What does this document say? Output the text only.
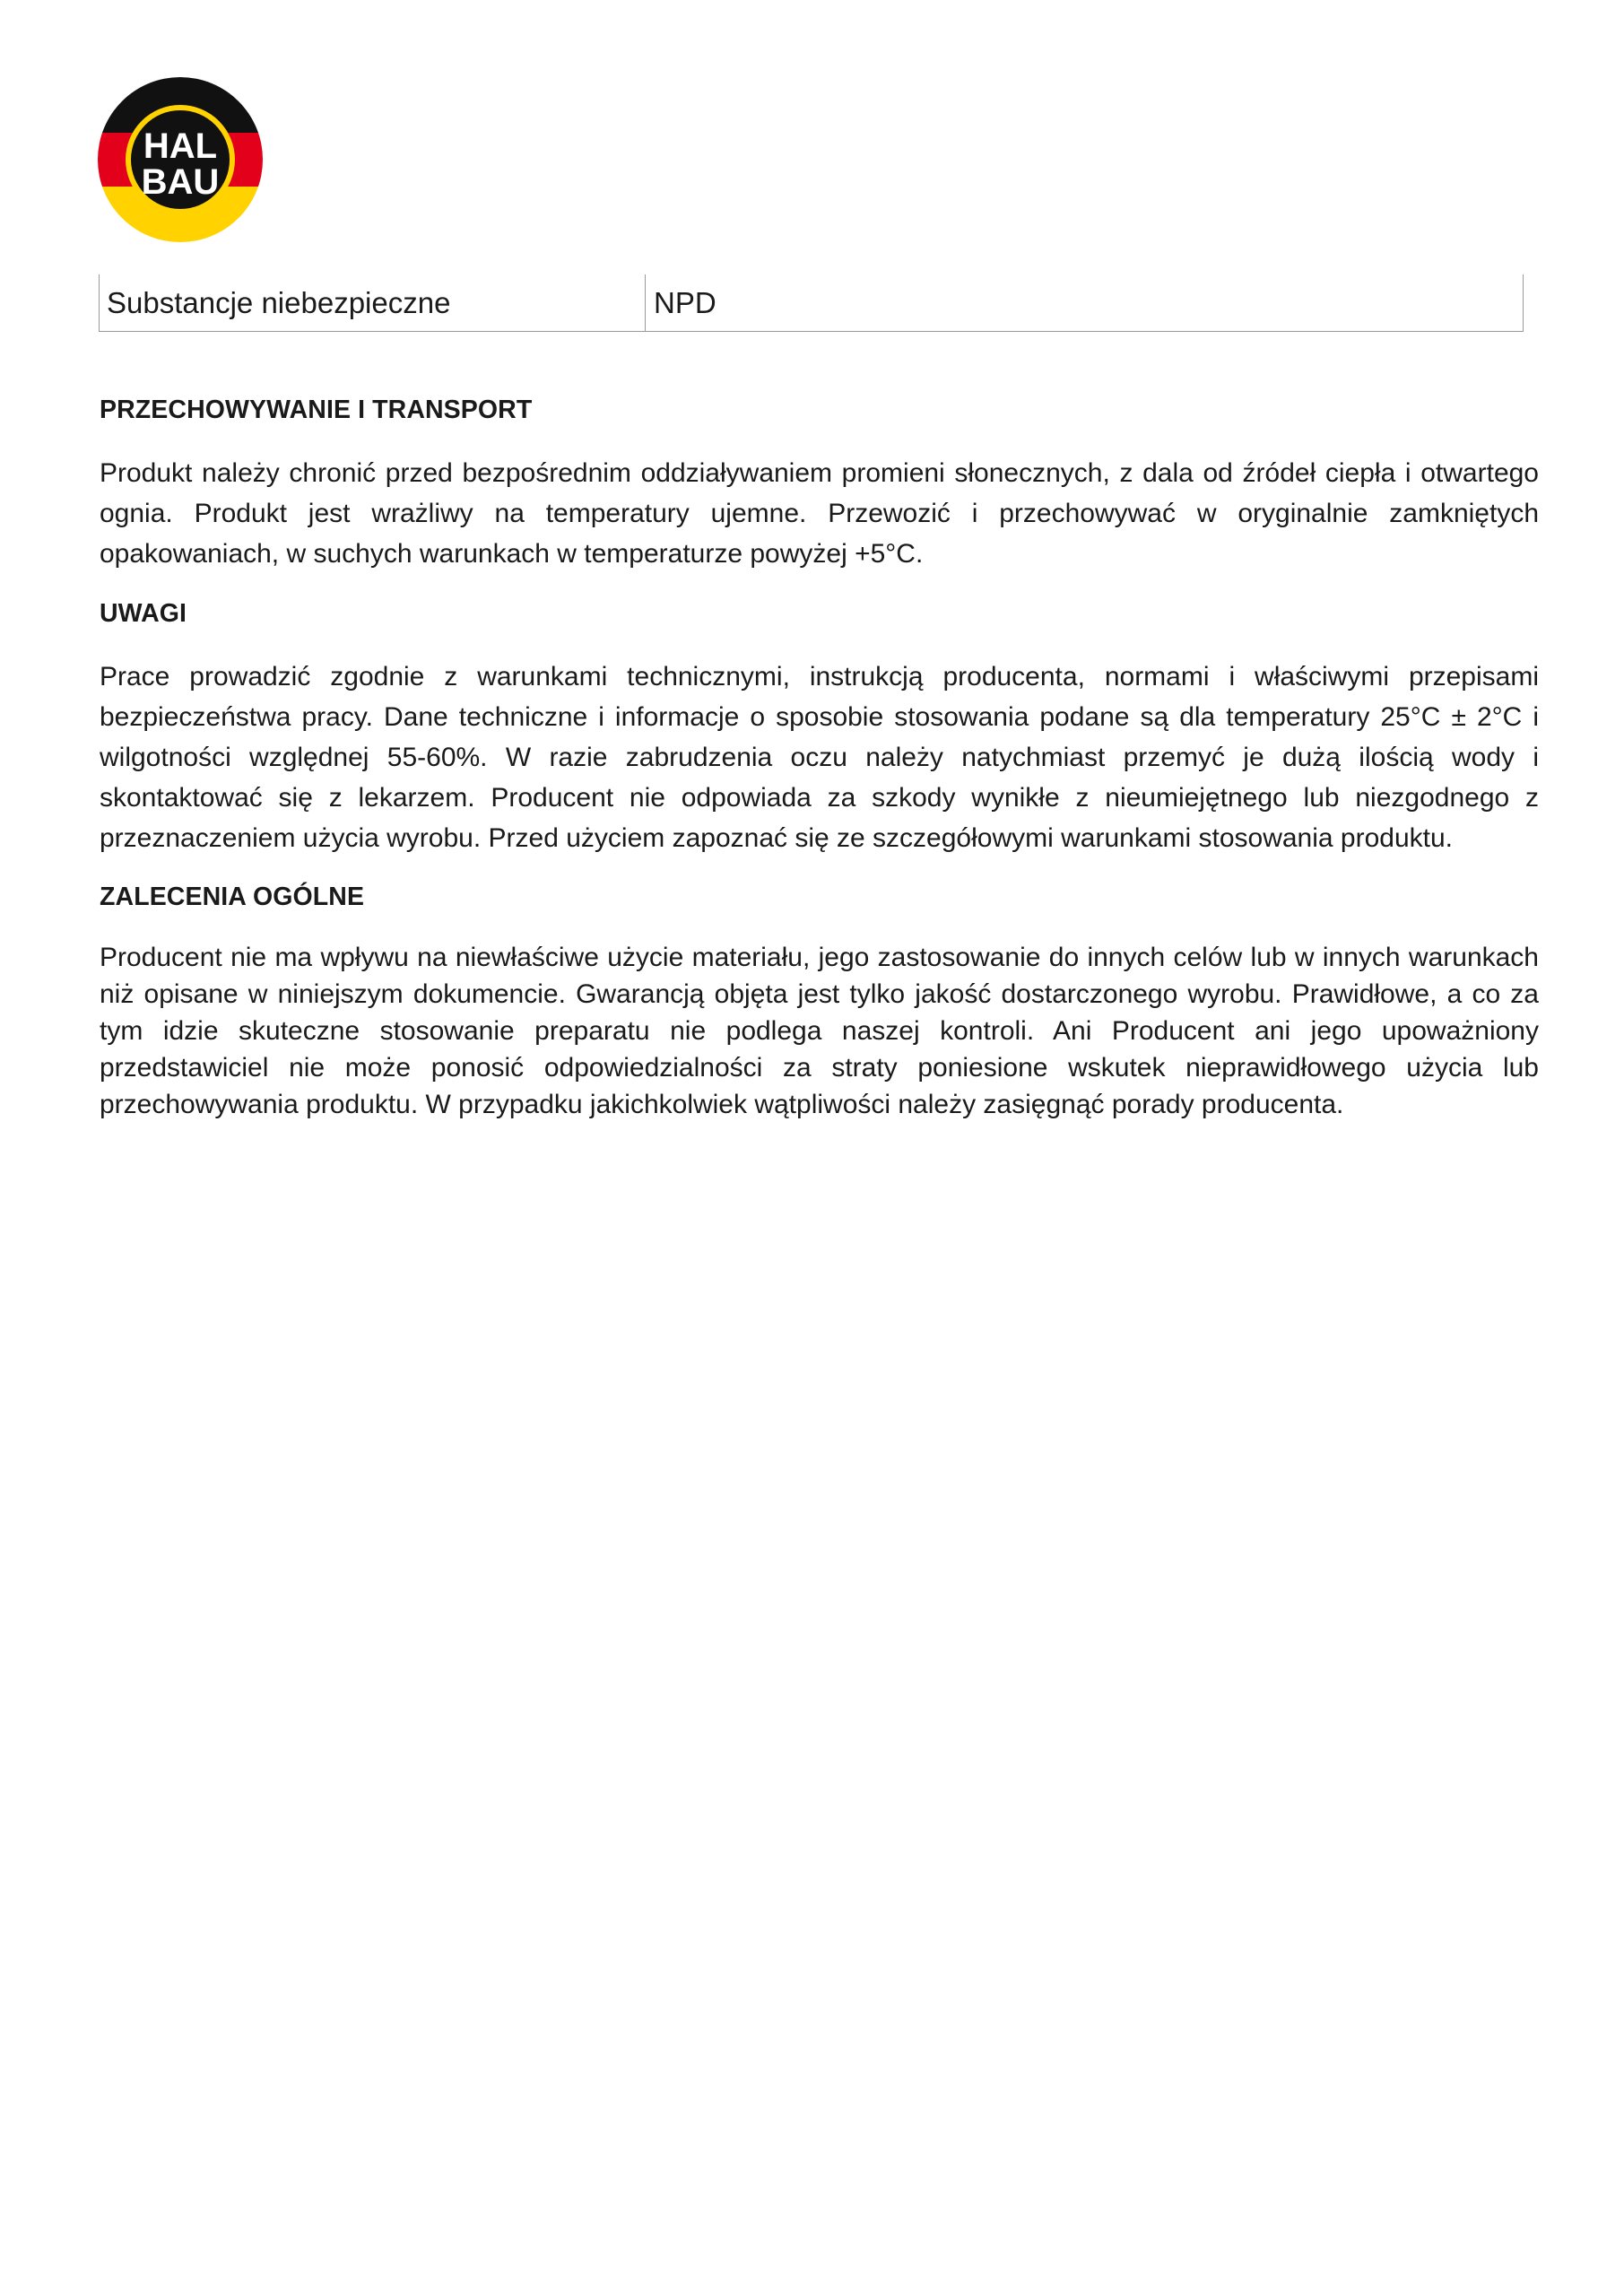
HAL
BAU
Substancje niebezpieczne	NPD
PRZECHOWYWANIE I TRANSPORT
Produkt należy chronić przed bezpośrednim oddziaływaniem promieni słonecznych, z dala od źródeł ciepła i otwartego ognia. Produkt jest wrażliwy na temperatury ujemne. Przewozić i przechowywać w oryginalnie zamkniętych opakowaniach, w suchych warunkach w temperaturze powyżej +5°C.
UWAGI
Prace prowadzić zgodnie z warunkami technicznymi, instrukcją producenta, normami i właściwymi przepisami bezpieczeństwa pracy. Dane techniczne i informacje o sposobie stosowania podane są dla temperatury 25°C ± 2°C i wilgotności względnej 55-60%. W razie zabrudzenia oczu należy natychmiast przemyć je dużą ilością wody i skontaktować się z lekarzem. Producent nie odpowiada za szkody wynikłe z nieumiejętnego lub niezgodnego z przeznaczeniem użycia wyrobu. Przed użyciem zapoznać się ze szczegółowymi warunkami stosowania produktu.
ZALECENIA OGÓLNE
Producent nie ma wpływu na niewłaściwe użycie materiału, jego zastosowanie do innych celów lub w innych warunkach niż opisane w niniejszym dokumencie. Gwarancją objęta jest tylko jakość dostarczonego wyrobu. Prawidłowe, a co za tym idzie skuteczne stosowanie preparatu nie podlega naszej kontroli. Ani Producent ani jego upoważniony przedstawiciel nie może ponosić odpowiedzialności za straty poniesione wskutek nieprawidłowego użycia lub przechowywania produktu. W przypadku jakichkolwiek wątpliwości należy zasięgnąć porady producenta.
